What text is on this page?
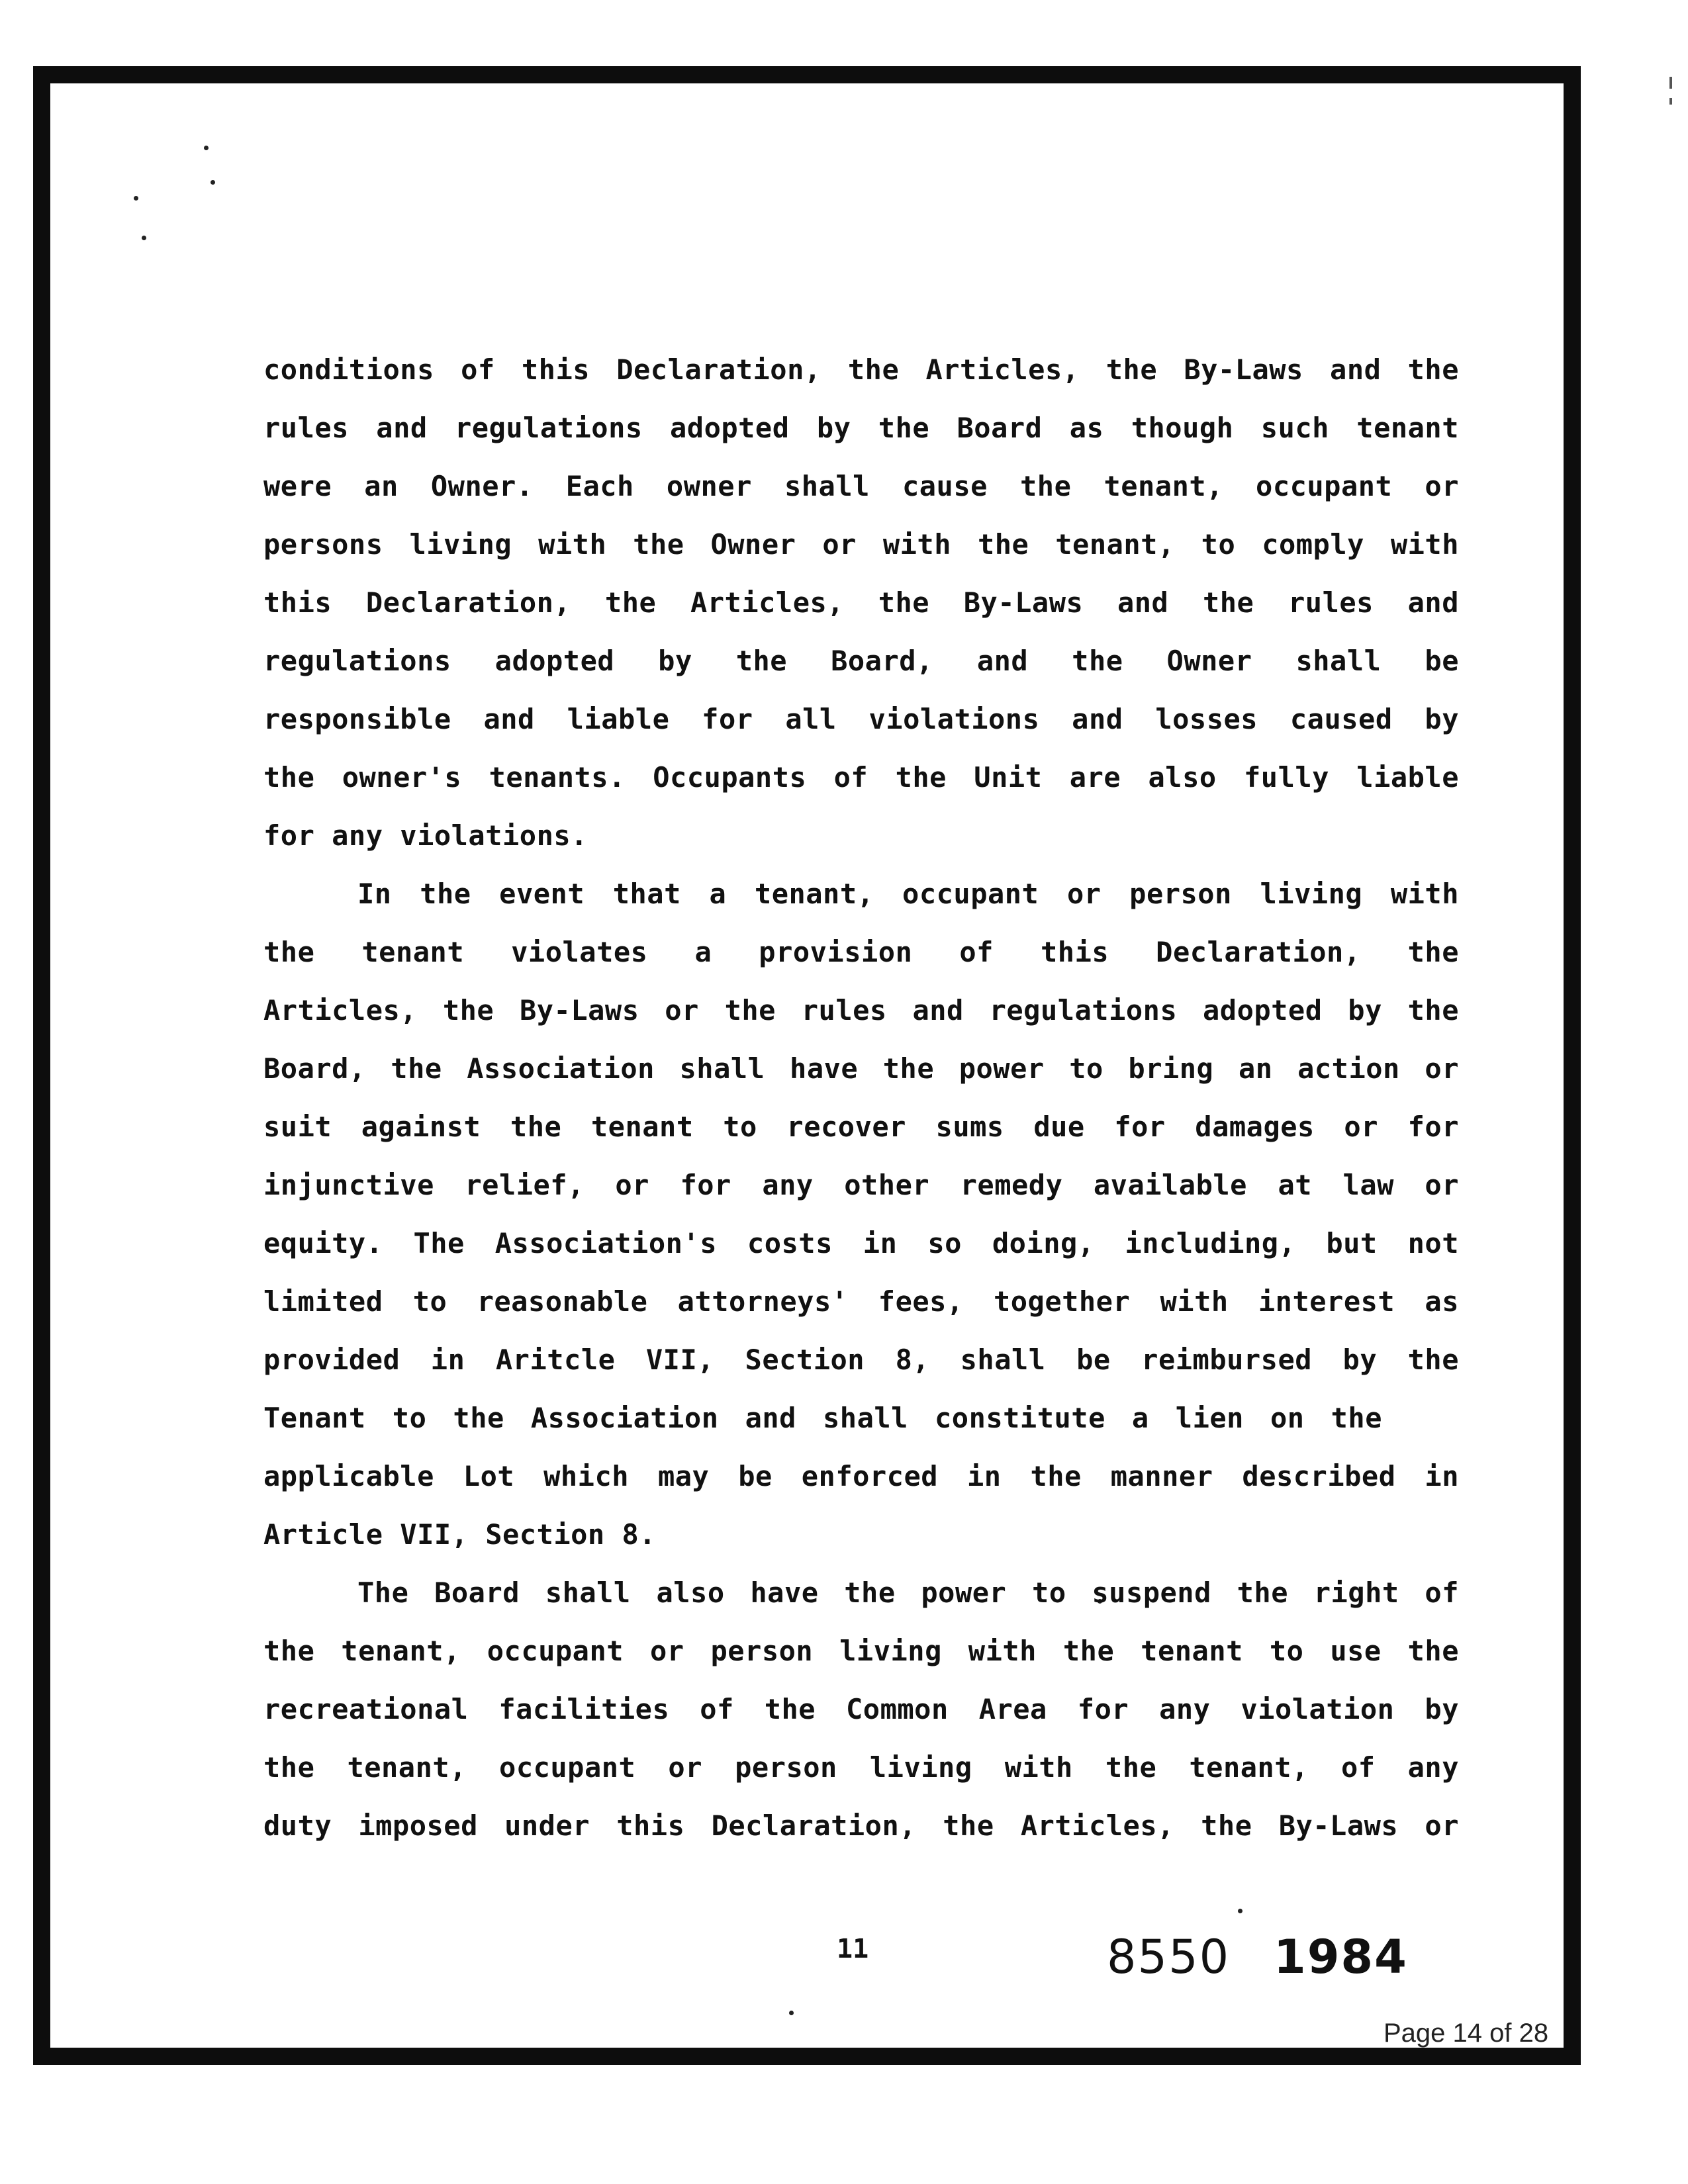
conditions of this Declaration, the Articles, the By-Laws and the
rules and regulations adopted by the Board as though such tenant
were an Owner. Each owner shall cause the tenant, occupant or
persons living with the Owner or with the tenant, to comply with
this Declaration, the Articles, the By-Laws and the rules and
regulations adopted by the Board, and the Owner shall be
responsible and liable for all violations and losses caused by
the owner's tenants. Occupants of the Unit are also fully liable
for any violations.
In the event that a tenant, occupant or person living with
the tenant violates a provision of this Declaration, the
Articles, the By-Laws or the rules and regulations adopted by the
Board, the Association shall have the power to bring an action or
suit against the tenant to recover sums due for damages or for
injunctive relief, or for any other remedy available at law or
equity. The Association's costs in so doing, including, but not
limited to reasonable attorneys' fees, together with interest as
provided in Aritcle VII, Section 8, shall be reimbursed by the
Tenant to the Association and shall constitute a lien on the
applicable Lot which may be enforced in the manner described in
Article VII, Section 8.
The Board shall also have the power to suspend the right of
the tenant, occupant or person living with the tenant to use the
recreational facilities of the Common Area for any violation by
the tenant, occupant or person living with the tenant, of any
duty imposed under this Declaration, the Articles, the By-Laws or
11	8550 1984
Page 14 of 28
